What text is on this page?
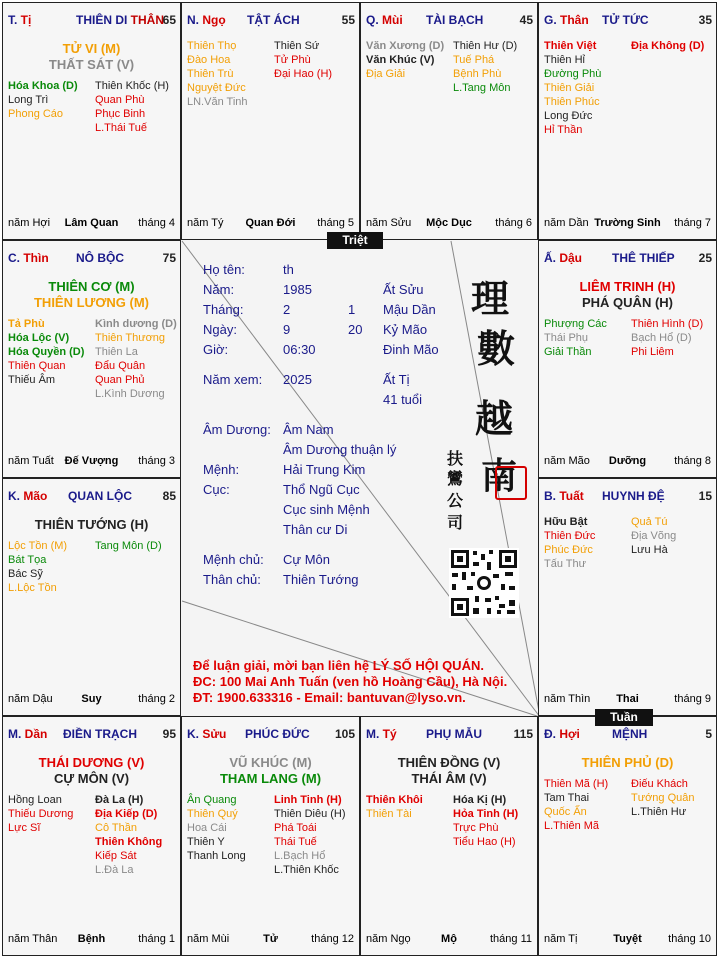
Họ tên:	th
Năm:	1985	Ất Sửu
Tháng:	2	1 Mậu Dần
Ngày:	9	20 Kỷ Mão
Giờ:	06:30	Đinh Mão
Năm xem: 2025	Ất Tị
41 tuổi
Âm Dương: Âm Nam
Âm Dương thuận lý
Mệnh:	Hải Trung Kim
Cục:	Thổ Ngũ Cục
Cục sinh Mệnh
Thân cư Di
Mệnh chủ: Cự Môn
Thân chủ: Thiên Tướng
理
數
越
南
扶
鸞
公
司
Để luận giải, mời bạn liên hệ LÝ SỐ HỘI QUÁN.
ĐC: 100 Mai Anh Tuấn (ven hồ Hoàng Cầu), Hà Nội.
ĐT: 1900.633316 - Email: bantuvan@lyso.vn.
T. Tị	THIÊN DI THÂN
65
TỬ VI (M)
THẤT SÁT (V)
Hóa Khoa (D)
Long Trì
Phong Cáo
Thiên Khốc (H)
Quan Phù
Phục Binh
L.Thái Tuế
năm Hợi	Lâm Quan	tháng 4
N. Ngọ TẬT ÁCH	55
Thiên Thọ
Đào Hoa
Thiên Trù
Nguyệt Đức
LN.Văn Tinh
Thiên Sứ
Tử Phù
Đại Hao (H)
năm Tý	Quan Đới	tháng 5
Q. Mùi TÀI BẠCH	45
Văn Xương (D)
Văn Khúc (V)
Địa Giải
Thiên Hư (D)
Tuế Phá
Bệnh Phù
L.Tang Môn
năm Sửu	Mộc Dục	tháng 6
G. Thân TỬ TỨC	35
Thiên Việt
Thiên Hỉ
Đường Phù
Thiên Giải
Thiên Phúc
Long Đức
Hỉ Thần
Địa Không (D)
năm Dần Trường Sinh	tháng 7
C. Thìn NÔ BỘC	75
THIÊN CƠ (M)
THIÊN LƯƠNG (M)
Tả Phù
Hóa Lộc (V)
Hóa Quyền (D)
Thiên Quan
Thiếu Âm
Kình dương (D)
Thiên Thương
Thiên La
Đẩu Quân
Quan Phủ
L.Kình Dương
năm Tuất Đế Vượng	tháng 3
Ấ. Dậu THÊ THIẾP 25
LIÊM TRINH (H)
PHÁ QUÂN (H)
Phượng Các
Thái Phụ
Giải Thần
Thiên Hình (D)
Bạch Hổ (D)
Phi Liêm
năm Mão	Dưỡng	tháng 8
K. Mão QUAN LỘC	85
THIÊN TƯỚNG (H)
Lộc Tồn (M)
Bát Tọa
Bác Sỹ
L.Lộc Tồn
Tang Môn (D)
năm Dậu	Suy	tháng 2
B. Tuất HUYNH ĐỆ	15
Hữu Bật
Thiên Đức
Phúc Đức
Tấu Thư
Quả Tú
Địa Võng
Lưu Hà
năm Thìn	Thai	tháng 9
M. Dần ĐIỀN TRẠCH 95
THÁI DƯƠNG (V)
CỰ MÔN (V)
Hồng Loan
Thiếu Dương
Lực Sĩ
Đà La (H)
Địa Kiếp (D)
Cô Thần
Thiên Không
Kiếp Sát
L.Đà La
năm Thân	Bệnh	tháng 1
K. Sửu PHÚC ĐỨC 105
VŨ KHÚC (M)
THAM LANG (M)
Ân Quang
Thiên Quý
Hoa Cái
Thiên Y
Thanh Long
Linh Tinh (H)
Thiên Diêu (H)
Phá Toái
Thái Tuế
L.Bạch Hổ
L.Thiên Khốc
năm Mùi	Tử	tháng 12
M. Tý PHỤ MẪU	115
THIÊN ĐỒNG (V)
THÁI ÂM (V)
Thiên Khôi
Thiên Tài
Hóa Kị (H)
Hỏa Tinh (H)
Trực Phù
Tiểu Hao (H)
năm Ngọ	Mộ	tháng 11
Đ. Hợi	MỆNH	5
THIÊN PHỦ (D)
Thiên Mã (H)
Tam Thai
Quốc Ấn
L.Thiên Mã
Điếu Khách
Tướng Quân
L.Thiên Hư
năm Tị	Tuyệt	tháng 10
Triệt
Tuần
